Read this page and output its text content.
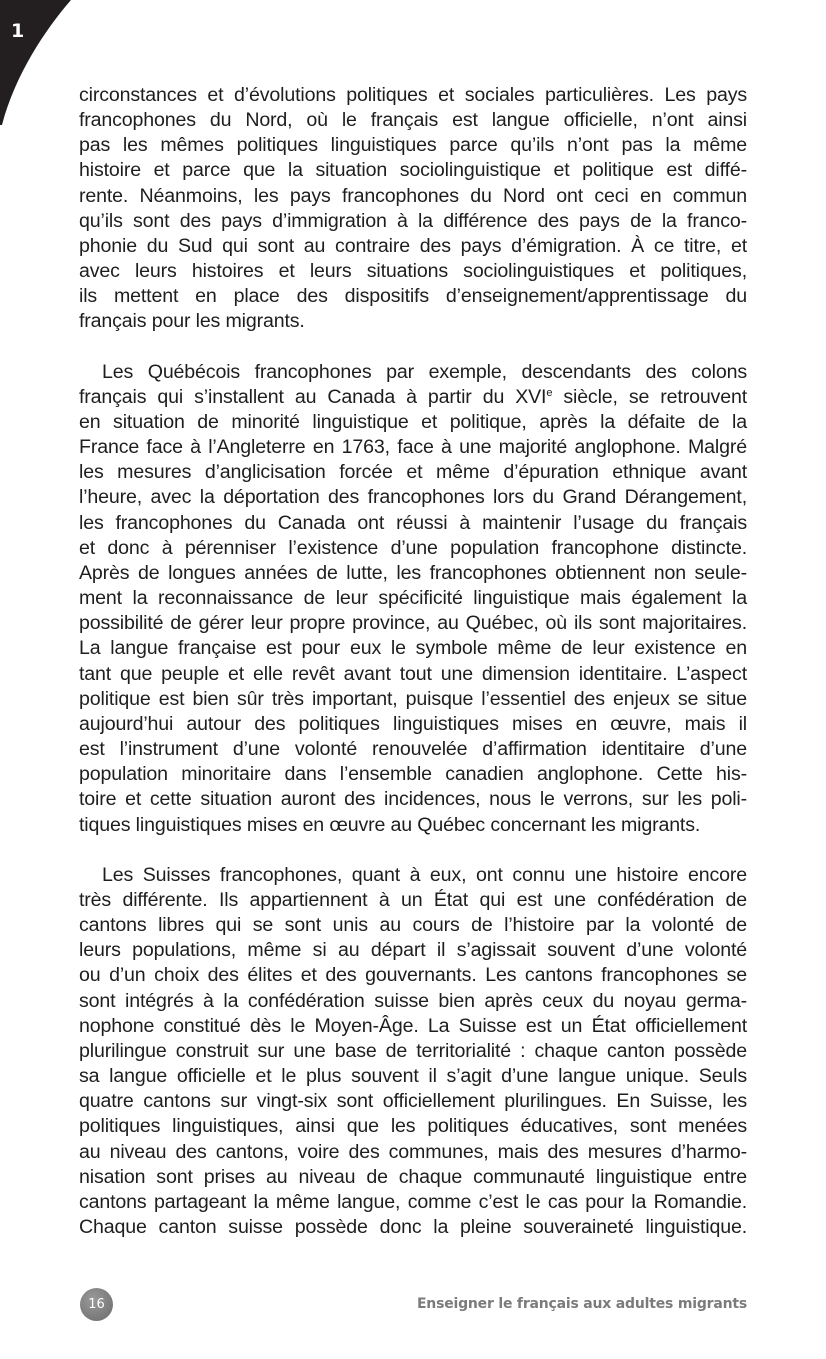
1
circonstances et d’évolutions politiques et sociales particulières. Les pays
francophones du Nord, où le français est langue officielle, n’ont ainsi
pas les mêmes politiques linguistiques parce qu’ils n’ont pas la même
histoire et parce que la situation sociolinguistique et politique est diffé-
rente. Néanmoins, les pays francophones du Nord ont ceci en commun
qu’ils sont des pays d’immigration à la différence des pays de la franco-
phonie du Sud qui sont au contraire des pays d’émigration. À ce titre, et
avec leurs histoires et leurs situations sociolinguistiques et politiques,
ils mettent en place des dispositifs d’enseignement/apprentissage du
français pour les migrants.
Les Québécois francophones par exemple, descendants des colons
français qui s’installent au Canada à partir du XVIe siècle, se retrouvent
en situation de minorité linguistique et politique, après la défaite de la
France face à l’Angleterre en 1763, face à une majorité anglophone. Malgré
les mesures d’anglicisation forcée et même d’épuration ethnique avant
l’heure, avec la déportation des francophones lors du Grand Dérangement,
les francophones du Canada ont réussi à maintenir l’usage du français
et donc à pérenniser l’existence d’une population francophone distincte.
Après de longues années de lutte, les francophones obtiennent non seule-
ment la reconnaissance de leur spécificité linguistique mais également la
possibilité de gérer leur propre province, au Québec, où ils sont majoritaires.
La langue française est pour eux le symbole même de leur existence en
tant que peuple et elle revêt avant tout une dimension identitaire. L’aspect
politique est bien sûr très important, puisque l’essentiel des enjeux se situe
aujourd’hui autour des politiques linguistiques mises en œuvre, mais il
est l’instrument d’une volonté renouvelée d’affirmation identitaire d’une
population minoritaire dans l’ensemble canadien anglophone. Cette his-
toire et cette situation auront des incidences, nous le verrons, sur les poli-
tiques linguistiques mises en œuvre au Québec concernant les migrants.
Les Suisses francophones, quant à eux, ont connu une histoire encore
très différente. Ils appartiennent à un État qui est une confédération de
cantons libres qui se sont unis au cours de l’histoire par la volonté de
leurs populations, même si au départ il s’agissait souvent d’une volonté
ou d’un choix des élites et des gouvernants. Les cantons francophones se
sont intégrés à la confédération suisse bien après ceux du noyau germa-
nophone constitué dès le Moyen-Âge. La Suisse est un État officiellement
plurilingue construit sur une base de territorialité : chaque canton possède
sa langue officielle et le plus souvent il s’agit d’une langue unique. Seuls
quatre cantons sur vingt-six sont officiellement plurilingues. En Suisse, les
politiques linguistiques, ainsi que les politiques éducatives, sont menées
au niveau des cantons, voire des communes, mais des mesures d’harmo-
nisation sont prises au niveau de chaque communauté linguistique entre
cantons partageant la même langue, comme c’est le cas pour la Romandie.
Chaque canton suisse possède donc la pleine souveraineté linguistique.
16	Enseigner le français aux adultes migrants
